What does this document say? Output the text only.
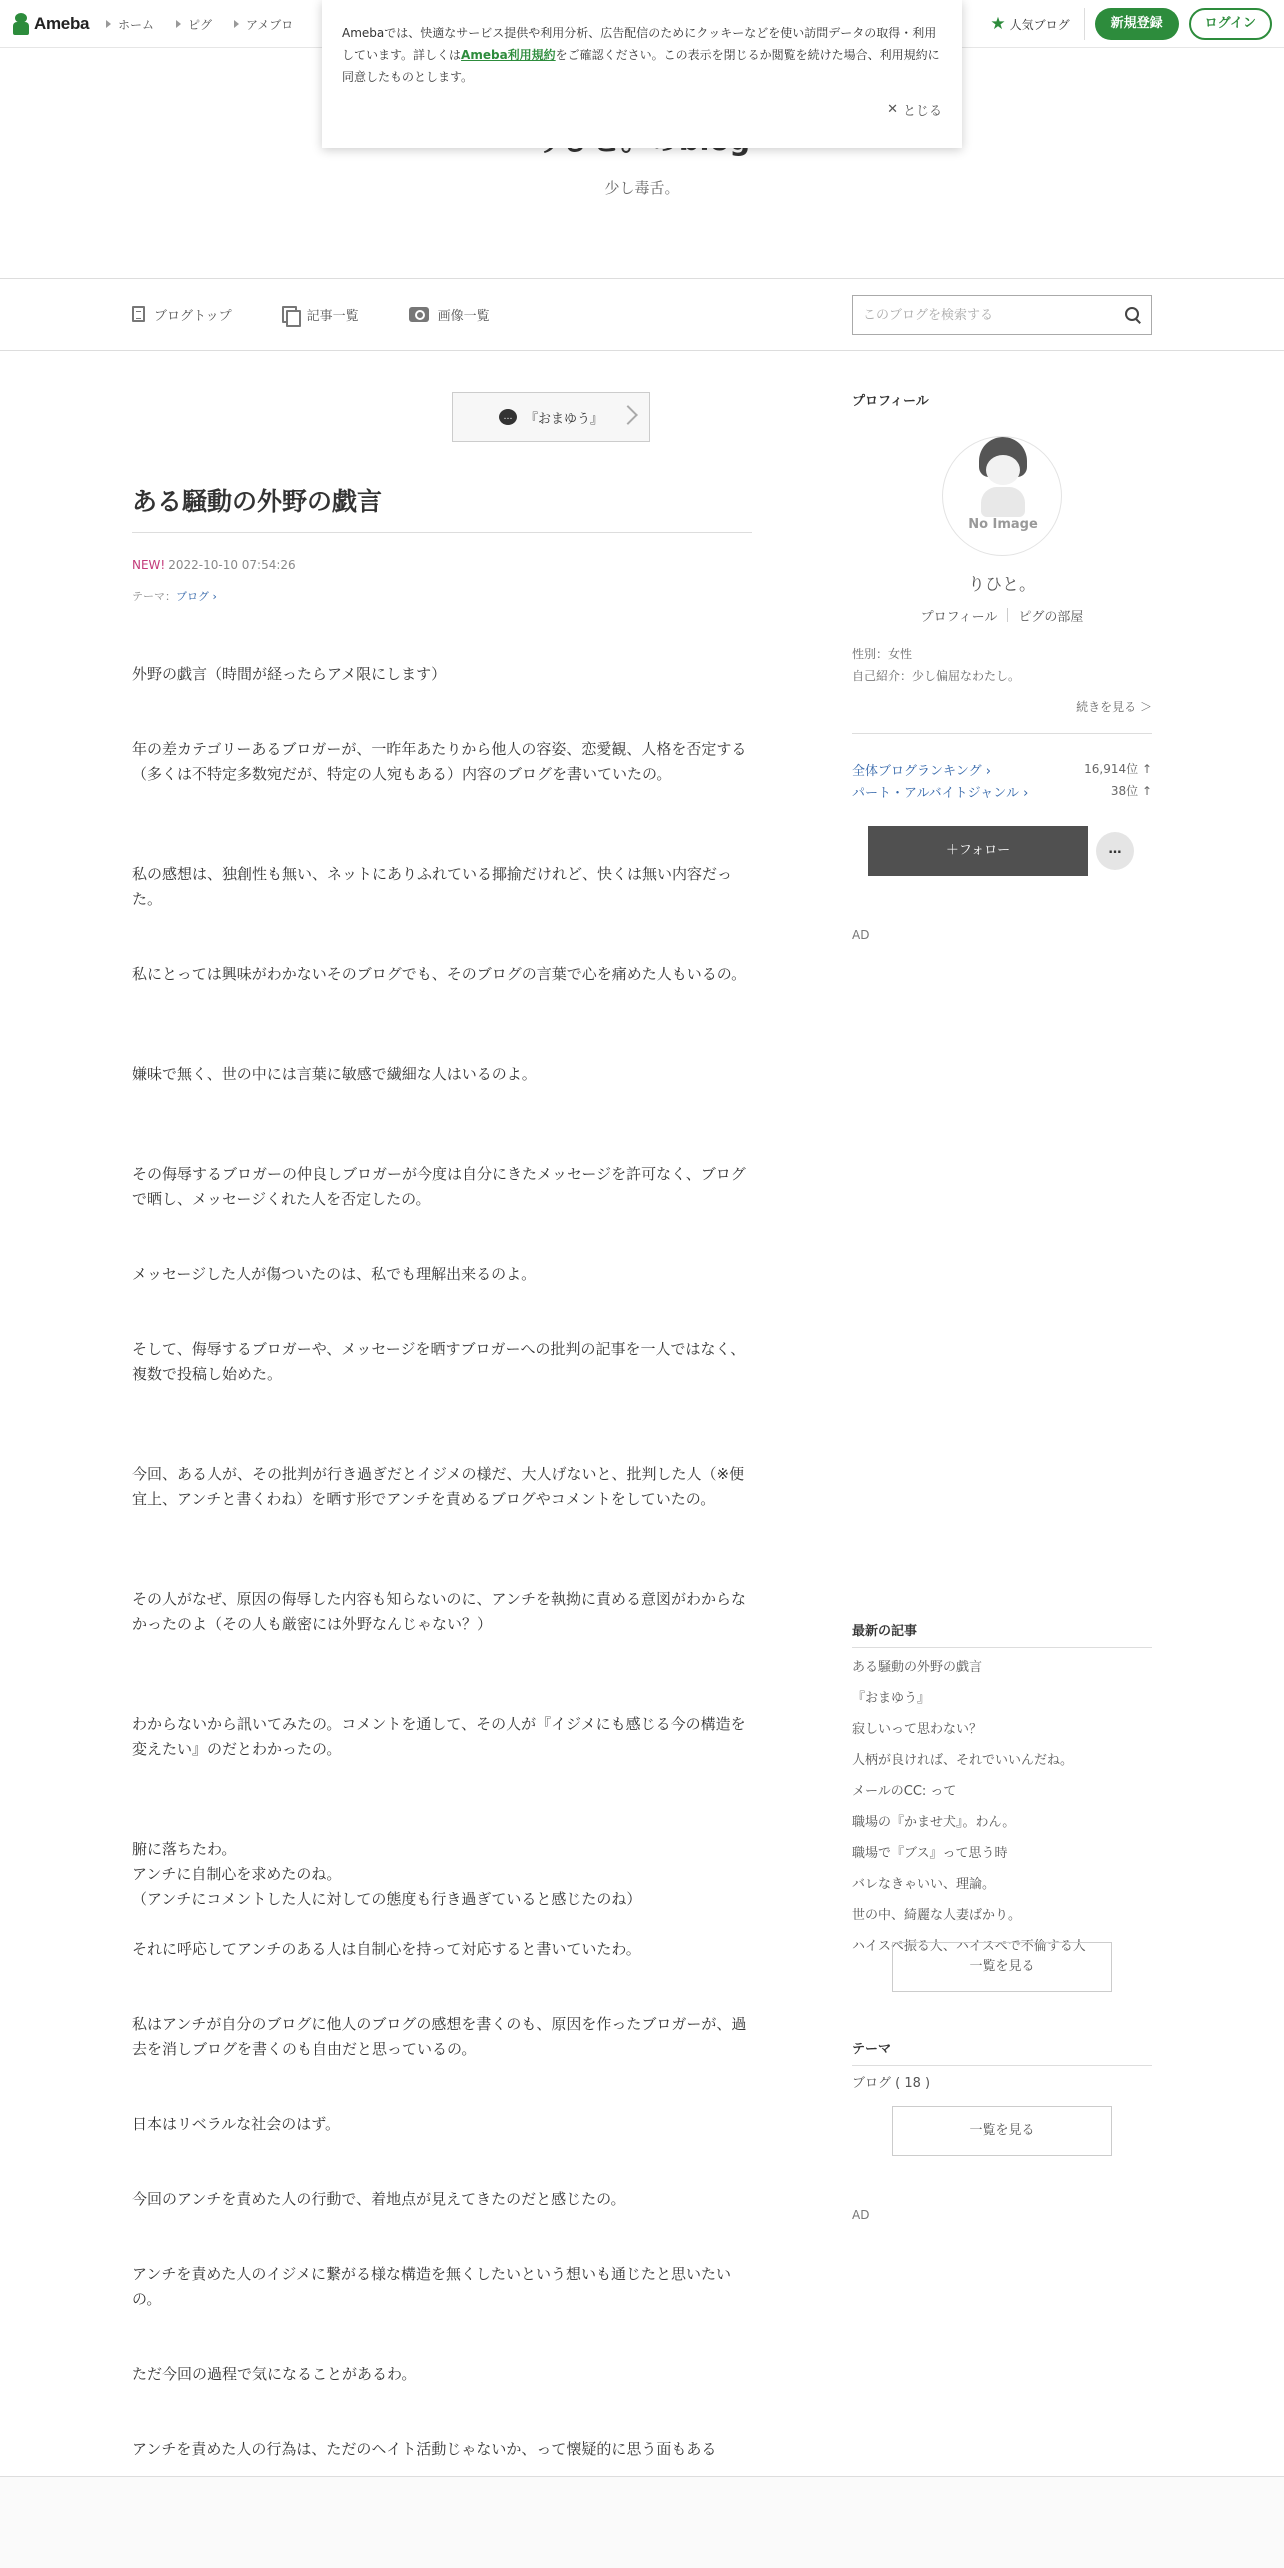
Ameba ホーム	ピグ	アメブロ	★ 人気ブログ	新規登録	ログイン
少し毒舌。

Amebaでは、快適なサービス提供や利用分析、広告配信のためにクッキーなどを使い訪問データの取得・利用しています。詳しくはAmeba利用規約をご確認ください。この表示を閉じるか閲覧を続けた場合、利用規約に同意したものとします。

✕ とじる
ブログトップ	記事一覧	画像一覧
このブログを検索する
… 『おまゆう』
ある騒動の外野の戯言
NEW! 2022-10-10 07:54:26
テーマ：ブログ ›

外野の戯言（時間が経ったらアメ限にします）

年の差カテゴリーあるブロガーが、一昨年あたりから他人の容姿、恋愛観、人格を否定する（多くは不特定多数宛だが、特定の人宛もある）内容のブログを書いていたの。

私の感想は、独創性も無い、ネットにありふれている揶揄だけれど、快くは無い内容だった。

私にとっては興味がわかないそのブログでも、そのブログの言葉で心を痛めた人もいるの。

嫌味で無く、世の中には言葉に敏感で繊細な人はいるのよ。

その侮辱するブロガーの仲良しブロガーが今度は自分にきたメッセージを許可なく、ブログで晒し、メッセージくれた人を否定したの。

メッセージした人が傷ついたのは、私でも理解出来るのよ。

そして、侮辱するブロガーや、メッセージを晒すブロガーへの批判の記事を一人ではなく、複数で投稿し始めた。

今回、ある人が、その批判が行き過ぎだとイジメの様だ、大人げないと、批判した人（※便宜上、アンチと書くわね）を晒す形でアンチを責めるブログやコメントをしていたの。

その人がなぜ、原因の侮辱した内容も知らないのに、アンチを執拗に責める意図がわからなかったのよ（その人も厳密には外野なんじゃない？）

わからないから訊いてみたの。コメントを通して、その人が『イジメにも感じる今の構造を変えたい』のだとわかったの。

腑に落ちたわ。
アンチに自制心を求めたのね。
（アンチにコメントした人に対しての態度も行き過ぎていると感じたのね）

それに呼応してアンチのある人は自制心を持って対応すると書いていたわ。

私はアンチが自分のブログに他人のブログの感想を書くのも、原因を作ったブロガーが、過去を消しブログを書くのも自由だと思っているの。

日本はリベラルな社会のはず。

今回のアンチを責めた人の行動で、着地点が見えてきたのだと感じたの。

アンチを責めた人のイジメに繋がる様な構造を無くしたいという想いも通じたと思いたいの。

ただ今回の過程で気になることがあるわ。

アンチを責めた人の行為は、ただのヘイト活動じゃないか、って懐疑的に思う面もある

プロフィール
No Image
りひと。
プロフィール	ピグの部屋
性別：女性
自己紹介：少し偏屈なわたし。
続きを見る ＞
全体ブログランキング ›	16,914位 ↑
パート・アルバイトジャンル ›	38位 ↑
＋フォロー	…
AD
最新の記事
ある騒動の外野の戯言
『おまゆう』
寂しいって思わない？
人柄が良ければ、それでいいんだね。
メールのCC: って
職場の『かませ犬』。わん。
職場で『ブス』って思う時
バレなきゃいい、理論。
世の中、綺麗な人妻ばかり。
ハイスペ振る人、ハイスペで不倫する人
一覧を見る
テーマ
ブログ ( 18 )
一覧を見る
AD
